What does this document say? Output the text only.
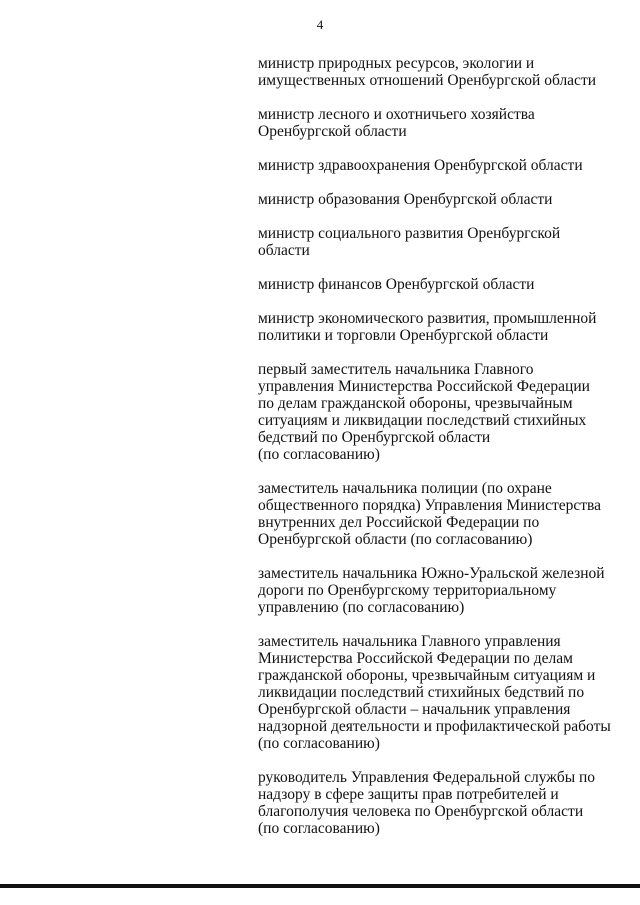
4
министр природных ресурсов, экологии и
имущественных отношений Оренбургской области
министр лесного и охотничьего хозяйства
Оренбургской области
министр здравоохранения Оренбургской области
министр образования Оренбургской области
министр социального развития Оренбургской
области
министр финансов Оренбургской области
министр экономического развития, промышленной
политики и торговли Оренбургской области
первый заместитель начальника Главного
управления Министерства Российской Федерации
по делам гражданской обороны, чрезвычайным
ситуациям и ликвидации последствий стихийных
бедствий по Оренбургской области
(по согласованию)
заместитель начальника полиции (по охране
общественного порядка) Управления Министерства
внутренних дел Российской Федерации по
Оренбургской области (по согласованию)
заместитель начальника Южно-Уральской железной
дороги по Оренбургскому территориальному
управлению (по согласованию)
заместитель начальника Главного управления
Министерства Российской Федерации по делам
гражданской обороны, чрезвычайным ситуациям и
ликвидации последствий стихийных бедствий по
Оренбургской области – начальник управления
надзорной деятельности и профилактической работы
(по согласованию)
руководитель Управления Федеральной службы по
надзору в сфере защиты прав потребителей и
благополучия человека по Оренбургской области
(по согласованию)
